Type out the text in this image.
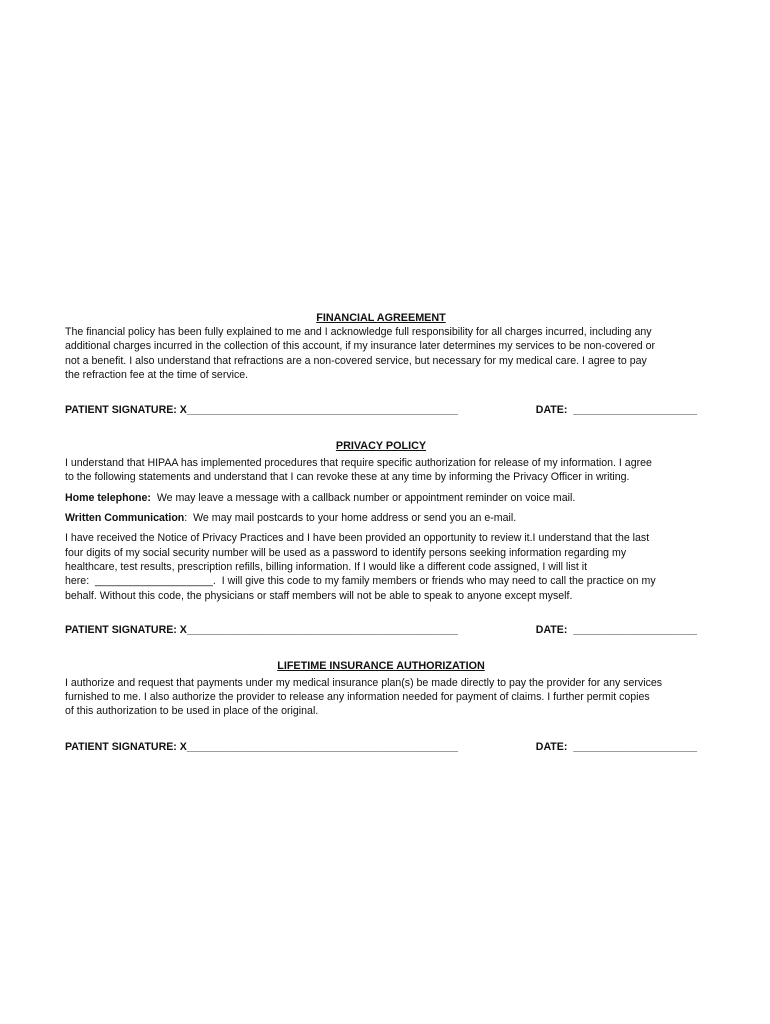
FINANCIAL AGREEMENT

The financial policy has been fully explained to me and I acknowledge full responsibility for all charges incurred, including any
additional charges incurred in the collection of this account, if my insurance later determines my services to be non-covered or
not a benefit. I also understand that refractions are a non-covered service, but necessary for my medical care. I agree to pay
the refraction fee at the time of service.

PATIENT SIGNATURE: X______________________________________________	DATE:  _____________________

PRIVACY POLICY

I understand that HIPAA has implemented procedures that require specific authorization for release of my information. I agree
to the following statements and understand that I can revoke these at any time by informing the Privacy Officer in writing.

Home telephone:  We may leave a message with a callback number or appointment reminder on voice mail.

Written Communication:  We may mail postcards to your home address or send you an e-mail.

I have received the Notice of Privacy Practices and I have been provided an opportunity to review it.I understand that the last
four digits of my social security number will be used as a password to identify persons seeking information regarding my
healthcare, test results, prescription refills, billing information. If I would like a different code assigned, I will list it
here:  ____________________.  I will give this code to my family members or friends who may need to call the practice on my
behalf. Without this code, the physicians or staff members will not be able to speak to anyone except myself.

PATIENT SIGNATURE: X______________________________________________	DATE:  _____________________

LIFETIME INSURANCE AUTHORIZATION

I authorize and request that payments under my medical insurance plan(s) be made directly to pay the provider for any services
furnished to me. I also authorize the provider to release any information needed for payment of claims. I further permit copies
of this authorization to be used in place of the original.

PATIENT SIGNATURE: X______________________________________________	DATE:  _____________________
